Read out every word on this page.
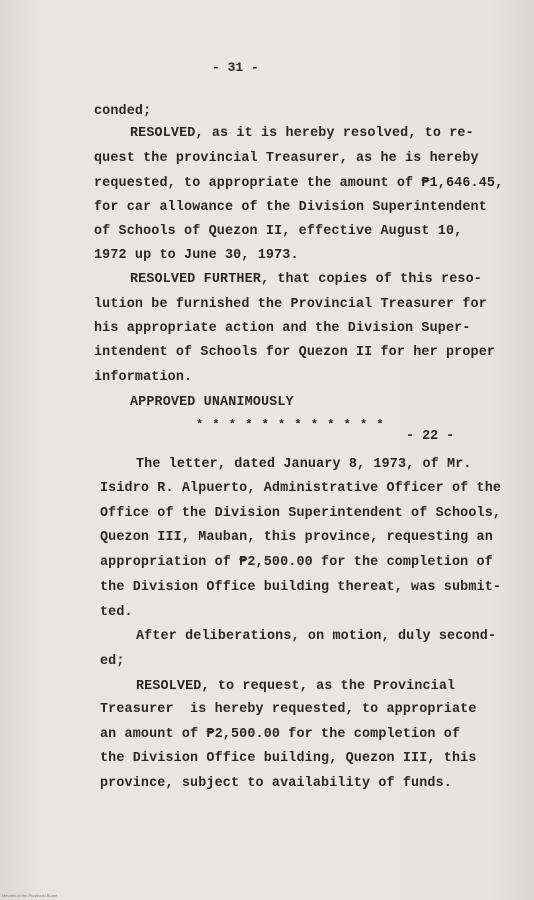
- 31 -
conded;
RESOLVED, as it is hereby resolved, to re-
quest the provincial Treasurer, as he is hereby
requested, to appropriate the amount of ₱1,646.45,
for car allowance of the Division Superintendent
of Schools of Quezon II, effective August 10,
1972 up to June 30, 1973.
RESOLVED FURTHER, that copies of this reso-
lution be furnished the Provincial Treasurer for
his appropriate action and the Division Super-
intendent of Schools for Quezon II for her proper
information.
APPROVED UNANIMOUSLY
* * * * * * * * * * * *
- 22 -
The letter, dated January 8, 1973, of Mr.
Isidro R. Alpuerto, Administrative Officer of the
Office of the Division Superintendent of Schools,
Quezon III, Mauban, this province, requesting an
appropriation of ₱2,500.00 for the completion of
the Division Office building thereat, was submit-
ted.
After deliberations, on motion, duly second-
ed;
RESOLVED, to request, as the Provincial
Treasurer  is hereby requested, to appropriate
an amount of ₱2,500.00 for the completion of
the Division Office building, Quezon III, this
province, subject to availability of funds.
Minutes of the Provincial Board
